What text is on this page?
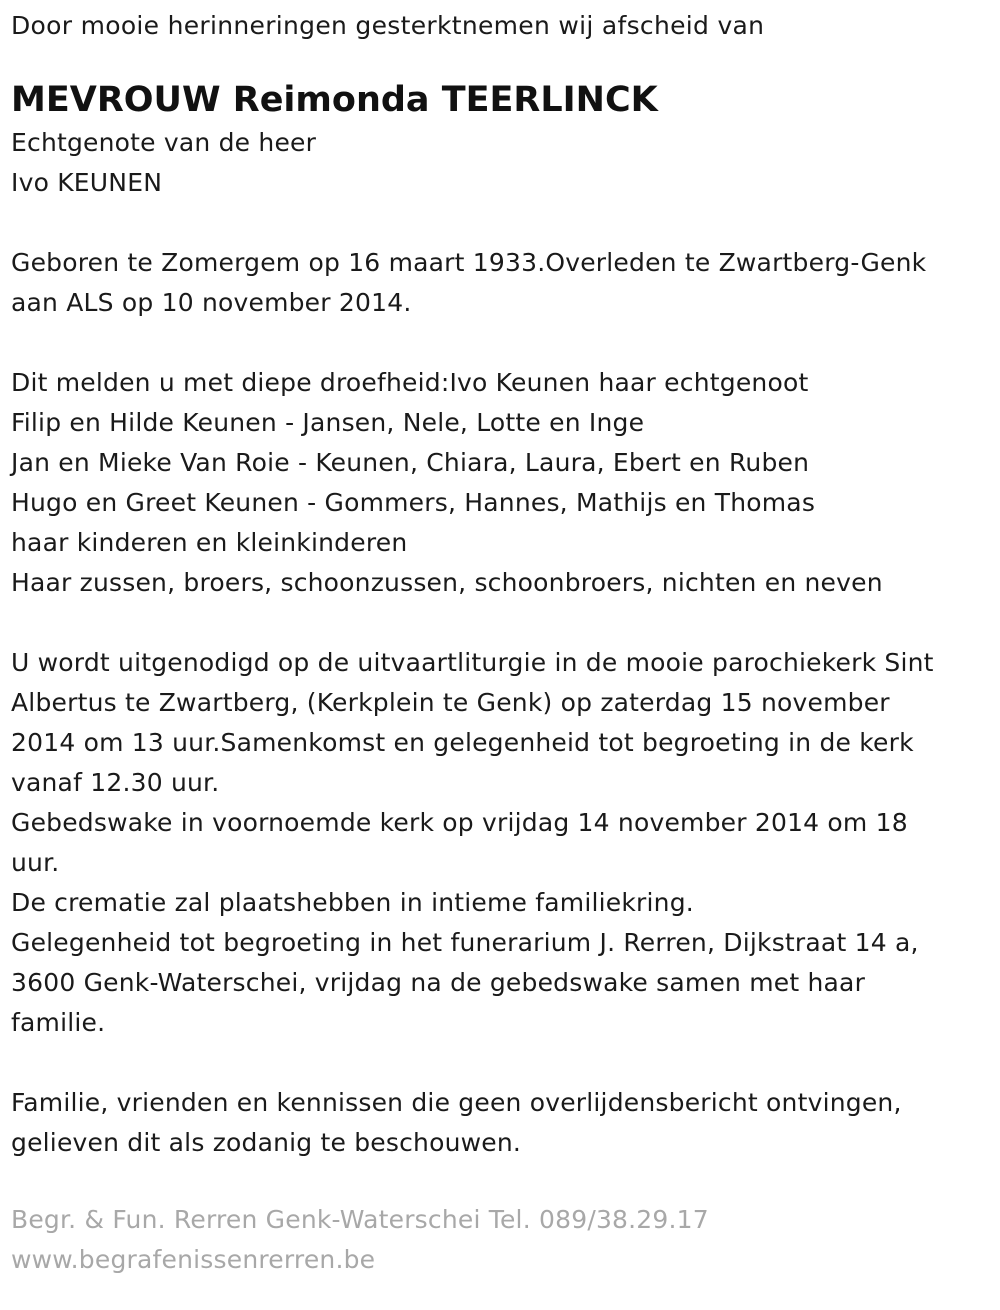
Door mooie herinneringen gesterktnemen wij afscheid van
MEVROUW Reimonda TEERLINCK
Echtgenote van de heer
Ivo KEUNEN
Geboren te Zomergem op 16 maart 1933.Overleden te Zwartberg-Genk
aan ALS op 10 november 2014.
Dit melden u met diepe droefheid:Ivo Keunen haar echtgenoot
Filip en Hilde Keunen - Jansen, Nele, Lotte en Inge
Jan en Mieke Van Roie - Keunen, Chiara, Laura, Ebert en Ruben
Hugo en Greet Keunen - Gommers, Hannes, Mathijs en Thomas
haar kinderen en kleinkinderen
Haar zussen, broers, schoonzussen, schoonbroers, nichten en neven
U wordt uitgenodigd op de uitvaartliturgie in de mooie parochiekerk Sint
Albertus te Zwartberg, (Kerkplein te Genk) op zaterdag 15 november
2014 om 13 uur.Samenkomst en gelegenheid tot begroeting in de kerk
vanaf 12.30 uur.
Gebedswake in voornoemde kerk op vrijdag 14 november 2014 om 18
uur.
De crematie zal plaatshebben in intieme familiekring.
Gelegenheid tot begroeting in het funerarium J. Rerren, Dijkstraat 14 a,
3600 Genk-Waterschei, vrijdag na de gebedswake samen met haar
familie.
Familie, vrienden en kennissen die geen overlijdensbericht ontvingen,
gelieven dit als zodanig te beschouwen.
Begr. & Fun. Rerren Genk-Waterschei Tel. 089/38.29.17
www.begrafenissenrerren.be
